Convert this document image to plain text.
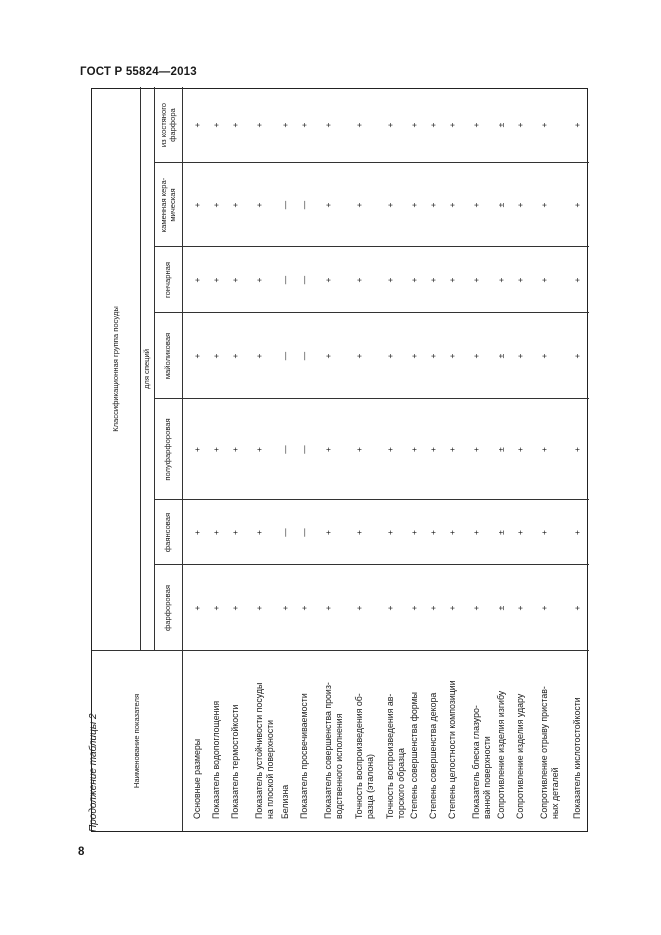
ГОСТ Р 55824—2013
Продолжение таблицы 2	Наименование показателя
Классификационная группа посуды	для специй
фарфоровая
фаянсовая
полуфарфоровая
майоликовая
гончарная
каменная кера-
мическая
из костяного
фарфора
Основные размеры
+
+
+
+
+
+
+
Показатель водопоглощения
+
+
+
+
+
+
+
Показатель термостойкости
+
+
+
+
+
+
+
Показатель устойчивости посуды
на плоской поверхности
+
+
+
+
+
+
+
Белизна
+
—
—
—
—
—
+
Показатель просвечиваемости
+
—
—
—
—
—
+
Показатель совершенства произ-
водственного исполнения
+
+
+
+
+
+
+
Точность воспроизведения об-
разца (эталона)
+
+
+
+
+
+
+
Точность воспроизведения ав-
торского образца
+
+
+
+
+
+
+
Степень совершенства формы
+
+
+
+
+
+
+
Степень совершенства декора
+
+
+
+
+
+
+
Степень целостности композиции
+
+
+
+
+
+
+
Показатель блеска глазуро-
ванной поверхности
+
+
+
+
+
+
+
Сопротивление изделия изгибу
±
±
±
±
+
±
±
Сопротивление изделия удару
+
+
+
+
+
+
+
Сопротивление отрыву пристав-
ных деталей
+
+
+
+
+
+
+
Показатель кислотостойкости
+
+
+
+
+
+
+
8
